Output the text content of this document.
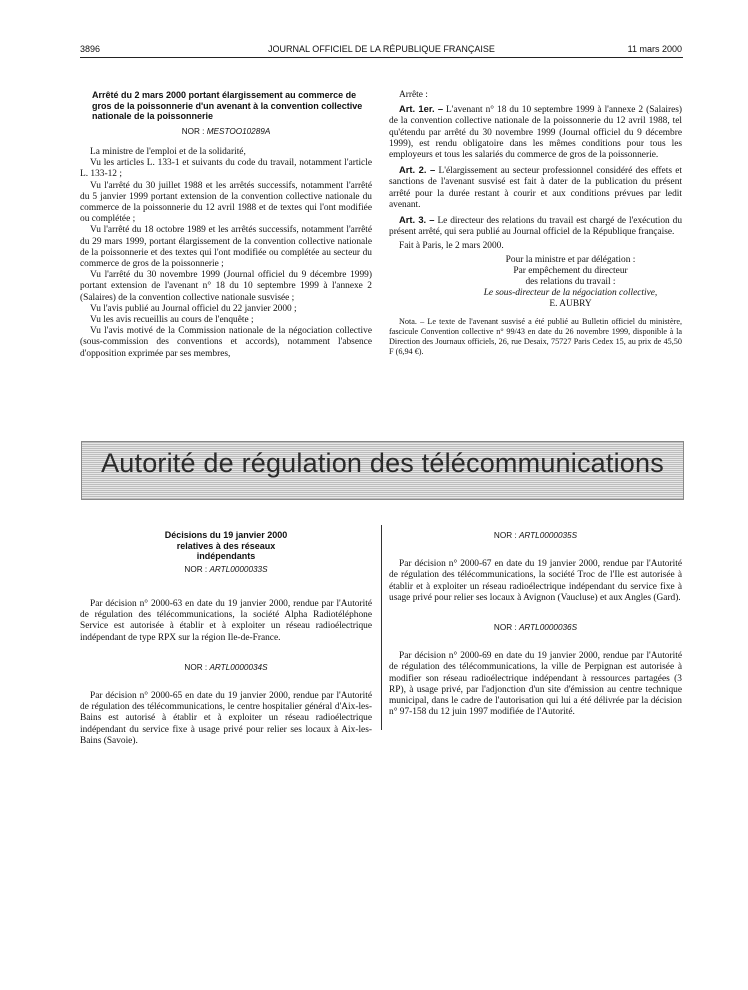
3896	JOURNAL OFFICIEL DE LA RÉPUBLIQUE FRANÇAISE	11 mars 2000
Arrêté du 2 mars 2000 portant élargissement au commerce de gros de la poissonnerie d'un avenant à la convention collective nationale de la poissonnerie
NOR : MESTOO10289A

La ministre de l'emploi et de la solidarité,

Vu les articles L. 133-1 et suivants du code du travail, notamment l'article L. 133-12 ;

Vu l'arrêté du 30 juillet 1988 et les arrêtés successifs, notamment l'arrêté du 5 janvier 1999 portant extension de la convention collective nationale du commerce de la poissonnerie du 12 avril 1988 et de textes qui l'ont modifiée ou complétée ;

Vu l'arrêté du 18 octobre 1989 et les arrêtés successifs, notamment l'arrêté du 29 mars 1999, portant élargissement de la convention collective nationale de la poissonnerie et des textes qui l'ont modifiée ou complétée au secteur du commerce de gros de la poissonnerie ;

Vu l'arrêté du 30 novembre 1999 (Journal officiel du 9 décembre 1999) portant extension de l'avenant n° 18 du 10 septembre 1999 à l'annexe 2 (Salaires) de la convention collective nationale susvisée ;

Vu l'avis publié au Journal officiel du 22 janvier 2000 ;

Vu les avis recueillis au cours de l'enquête ;

Vu l'avis motivé de la Commission nationale de la négociation collective (sous-commission des conventions et accords), notamment l'absence d'opposition exprimée par ses membres,

Arrête :

Art. 1er. – L'avenant n° 18 du 10 septembre 1999 à l'annexe 2 (Salaires) de la convention collective nationale de la poissonnerie du 12 avril 1988, tel qu'étendu par arrêté du 30 novembre 1999 (Journal officiel du 9 décembre 1999), est rendu obligatoire dans les mêmes conditions pour tous les employeurs et tous les salariés du commerce de gros de la poissonnerie.

Art. 2. – L'élargissement au secteur professionnel considéré des effets et sanctions de l'avenant susvisé est fait à dater de la publication du présent arrêté pour la durée restant à courir et aux conditions prévues par ledit avenant.

Art. 3. – Le directeur des relations du travail est chargé de l'exécution du présent arrêté, qui sera publié au Journal officiel de la République française.

Fait à Paris, le 2 mars 2000.

Pour la ministre et par délégation :
Par empêchement du directeur
des relations du travail :
Le sous-directeur de la négociation collective,
E. AUBRY

Nota. – Le texte de l'avenant susvisé a été publié au Bulletin officiel du ministère, fascicule Convention collective n° 99/43 en date du 26 novembre 1999, disponible à la Direction des Journaux officiels, 26, rue Desaix, 75727 Paris Cedex 15, au prix de 45,50 F (6,94 €).

Autorité de régulation des télécommunications
Décisions du 19 janvier 2000 relatives à des réseaux indépendants
NOR : ARTL0000033S

Par décision n° 2000-63 en date du 19 janvier 2000, rendue par l'Autorité de régulation des télécommunications, la société Alpha Radiotéléphone Service est autorisée à établir et à exploiter un réseau radioélectrique indépendant de type RPX sur la région Ile-de-France.

NOR : ARTL0000034S

Par décision n° 2000-65 en date du 19 janvier 2000, rendue par l'Autorité de régulation des télécommunications, le centre hospitalier général d'Aix-les-Bains est autorisé à établir et à exploiter un réseau radioélectrique indépendant du service fixe à usage privé pour relier ses locaux à Aix-les-Bains (Savoie).

NOR : ARTL0000035S

Par décision n° 2000-67 en date du 19 janvier 2000, rendue par l'Autorité de régulation des télécommunications, la société Troc de l'Ile est autorisée à établir et à exploiter un réseau radioélectrique indépendant du service fixe à usage privé pour relier ses locaux à Avignon (Vaucluse) et aux Angles (Gard).

NOR : ARTL0000036S

Par décision n° 2000-69 en date du 19 janvier 2000, rendue par l'Autorité de régulation des télécommunications, la ville de Perpignan est autorisée à modifier son réseau radioélectrique indépendant à ressources partagées (3 RP), à usage privé, par l'adjonction d'un site d'émission au centre technique municipal, dans le cadre de l'autorisation qui lui a été délivrée par la décision n° 97-158 du 12 juin 1997 modifiée de l'Autorité.
